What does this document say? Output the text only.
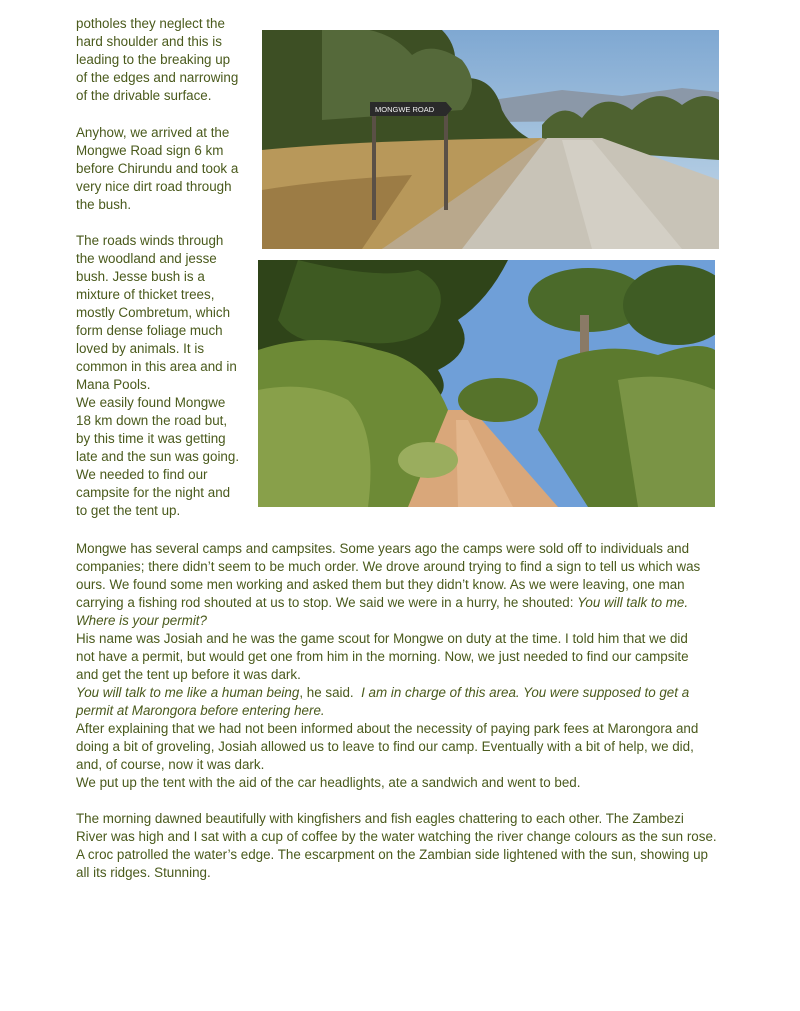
potholes they neglect the
hard shoulder and this is
leading to the breaking up
of the edges and narrowing
of the drivable surface.
Anyhow, we arrived at the
Mongwe Road sign 6 km
before Chirundu and took a
very nice dirt road through
the bush.
The roads winds through
the woodland and jesse
bush. Jesse bush is a
mixture of thicket trees,
mostly Combretum, which
form dense foliage much
loved by animals. It is
common in this area and in
Mana Pools.
We easily found Mongwe
18 km down the road but,
by this time it was getting
late and the sun was going.
We needed to find our
campsite for the night and
to get the tent up.
MONGWE ROAD
Mongwe has several camps and campsites. Some years ago the camps were sold off to individuals and
companies; there didn’t seem to be much order. We drove around trying to find a sign to tell us which was
ours. We found some men working and asked them but they didn’t know. As we were leaving, one man
carrying a fishing rod shouted at us to stop. We said we were in a hurry, he shouted: You will talk to me.
Where is your permit?
His name was Josiah and he was the game scout for Mongwe on duty at the time. I told him that we did
not have a permit, but would get one from him in the morning. Now, we just needed to find our campsite
and get the tent up before it was dark.
You will talk to me like a human being, he said.  I am in charge of this area. You were supposed to get a
permit at Marongora before entering here.
After explaining that we had not been informed about the necessity of paying park fees at Marongora and
doing a bit of groveling, Josiah allowed us to leave to find our camp. Eventually with a bit of help, we did,
and, of course, now it was dark.
We put up the tent with the aid of the car headlights, ate a sandwich and went to bed.
The morning dawned beautifully with kingfishers and fish eagles chattering to each other. The Zambezi
River was high and I sat with a cup of coffee by the water watching the river change colours as the sun rose.
A croc patrolled the water’s edge. The escarpment on the Zambian side lightened with the sun, showing up
all its ridges. Stunning.
